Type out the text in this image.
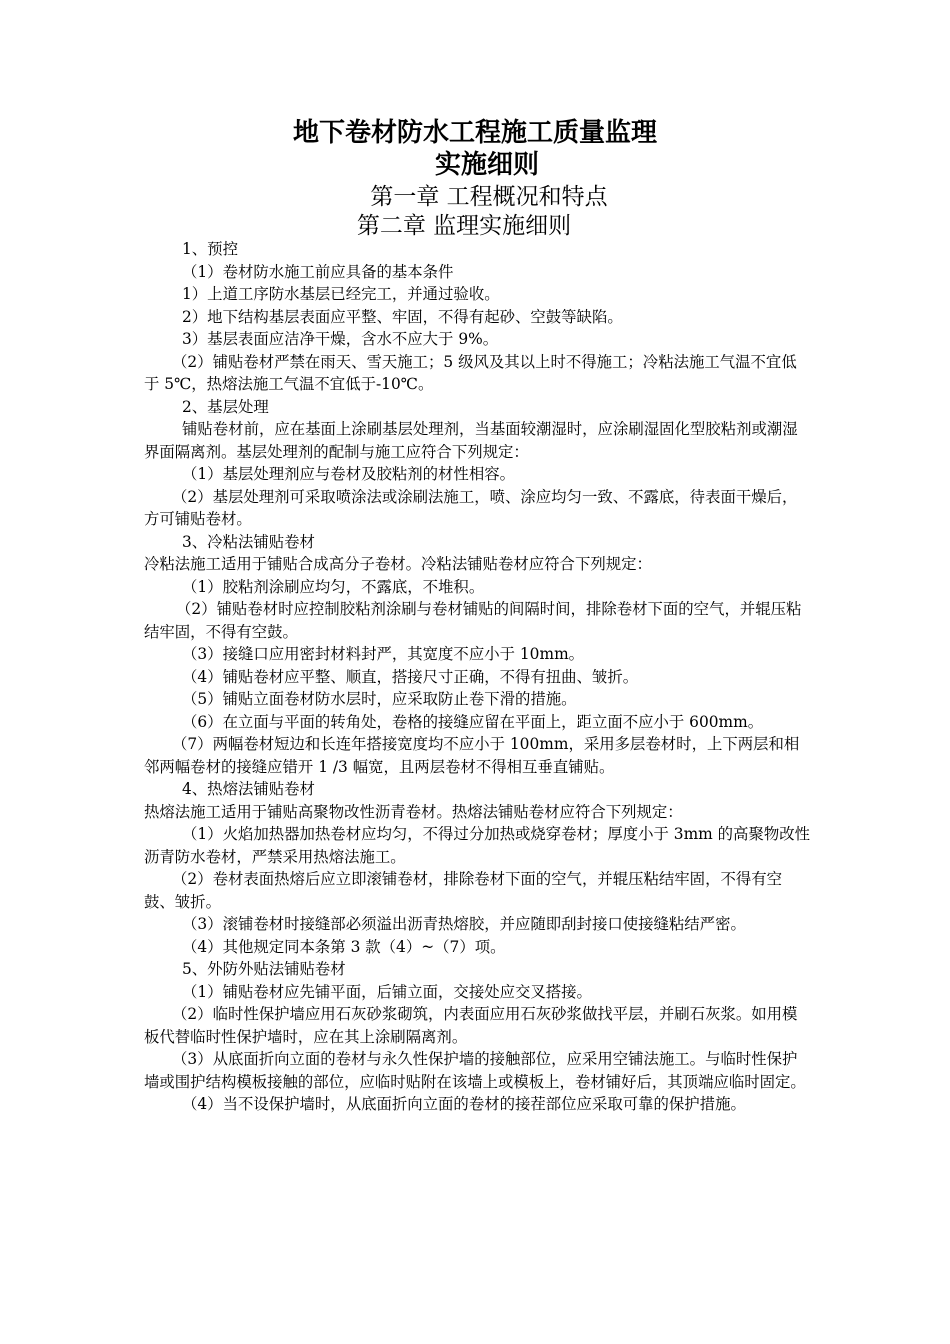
地下卷材防水工程施工质量监理
实施细则
第一章 工程概况和特点
第二章 监理实施细则

1、预控

（1）卷材防水施工前应具备的基本条件

1）上道工序防水基层已经完工，并通过验收。

2）地下结构基层表面应平整、牢固，不得有起砂、空鼓等缺陷。

3）基层表面应洁净干燥，含水不应大于 9%。

（2）铺贴卷材严禁在雨天、雪天施工；5 级风及其以上时不得施工；冷粘法施工气温不宜低于 5℃，热熔法施工气温不宜低于-10℃。

2、基层处理

铺贴卷材前，应在基面上涂刷基层处理剂，当基面较潮湿时，应涂刷湿固化型胶粘剂或潮湿界面隔离剂。基层处理剂的配制与施工应符合下列规定：

（1）基层处理剂应与卷材及胶粘剂的材性相容。

（2）基层处理剂可采取喷涂法或涂刷法施工，喷、涂应均匀一致、不露底，待表面干燥后，方可铺贴卷材。

3、冷粘法铺贴卷材

冷粘法施工适用于铺贴合成高分子卷材。冷粘法铺贴卷材应符合下列规定：

（1）胶粘剂涂刷应均匀，不露底，不堆积。

（2）铺贴卷材时应控制胶粘剂涂刷与卷材铺贴的间隔时间，排除卷材下面的空气，并辊压粘结牢固，不得有空鼓。

（3）接缝口应用密封材料封严，其宽度不应小于 10mm。

（4）铺贴卷材应平整、顺直，搭接尺寸正确，不得有扭曲、皱折。

（5）铺贴立面卷材防水层时，应采取防止卷下滑的措施。

（6）在立面与平面的转角处，卷格的接缝应留在平面上，距立面不应小于 600mm。

（7）两幅卷材短边和长连年搭接宽度均不应小于 100mm，采用多层卷材时，上下两层和相邻两幅卷材的接缝应错开 1 /3 幅宽，且两层卷材不得相互垂直铺贴。

4、热熔法铺贴卷材

热熔法施工适用于铺贴高聚物改性沥青卷材。热熔法铺贴卷材应符合下列规定：

（1）火焰加热器加热卷材应均匀，不得过分加热或烧穿卷材；厚度小于 3mm 的高聚物改性沥青防水卷材，严禁采用热熔法施工。

（2）卷材表面热熔后应立即滚铺卷材，排除卷材下面的空气，并辊压粘结牢固，不得有空鼓、皱折。

（3）滚铺卷材时接缝部必须溢出沥青热熔胶，并应随即刮封接口使接缝粘结严密。

（4）其他规定同本条第 3 款（4）~（7）项。

5、外防外贴法铺贴卷材

（1）铺贴卷材应先铺平面，后铺立面，交接处应交叉搭接。

（2）临时性保护墙应用石灰砂浆砌筑，内表面应用石灰砂浆做找平层，并刷石灰浆。如用模板代替临时性保护墙时，应在其上涂刷隔离剂。

（3）从底面折向立面的卷材与永久性保护墙的接触部位，应采用空铺法施工。与临时性保护墙或围护结构模板接触的部位，应临时贴附在该墙上或模板上，卷材铺好后，其顶端应临时固定。

（4）当不设保护墙时，从底面折向立面的卷材的接茬部位应采取可靠的保护措施。
